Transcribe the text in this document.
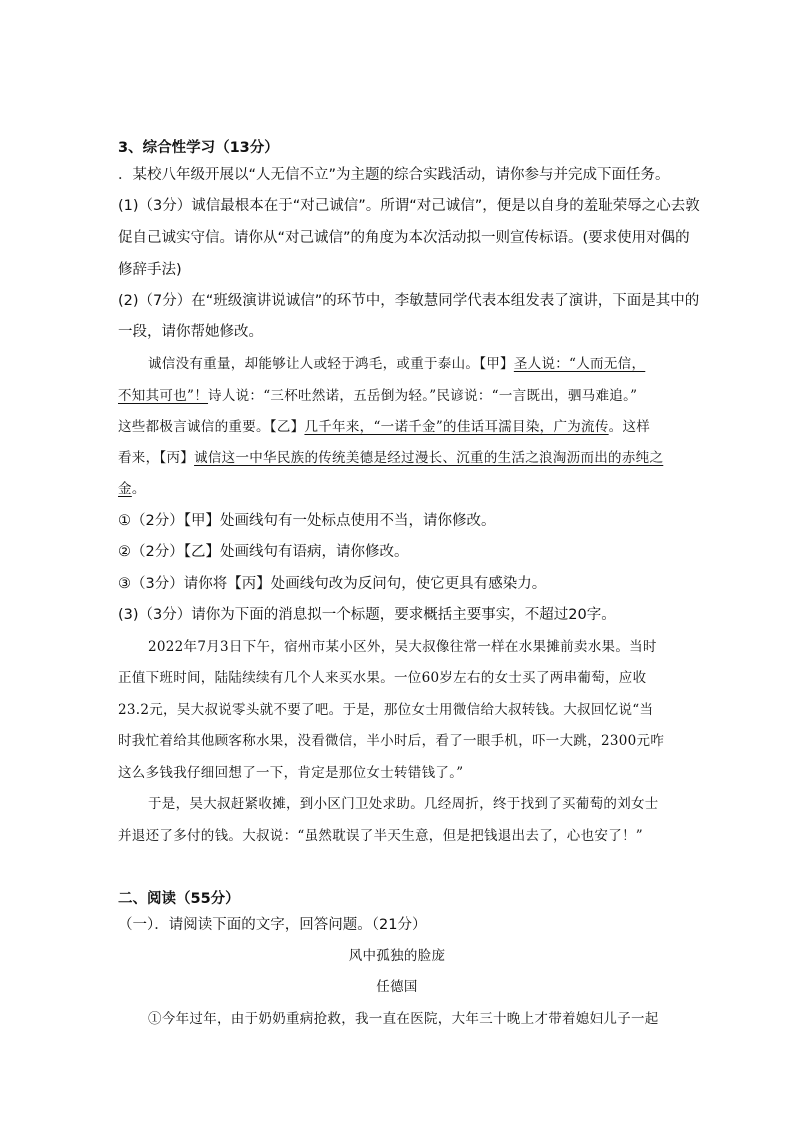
3、综合性学习（13分）
．某校八年级开展以“人无信不立”为主题的综合实践活动，请你参与并完成下面任务。
(1)（3分）诚信最根本在于“对己诚信”。所谓“对己诚信”，便是以自身的羞耻荣辱之心去敦
促自己诚实守信。请你从“对己诚信”的角度为本次活动拟一则宣传标语。(要求使用对偶的
修辞手法)
(2)（7分）在“班级演讲说诚信”的环节中，李敏慧同学代表本组发表了演讲，下面是其中的
一段，请你帮她修改。
诚信没有重量，却能够让人或轻于鸿毛，或重于泰山。【甲】圣人说：“人而无信，
不知其可也”！诗人说：“三杯吐然诺，五岳倒为轻。”民谚说：“一言既出，驷马难追。”
这些都极言诚信的重要。【乙】几千年来，“一诺千金”的佳话耳濡目染，广为流传。这样
看来，【丙】诚信这一中华民族的传统美德是经过漫长、沉重的生活之浪淘沥而出的赤纯之
金。
①（2分）【甲】处画线句有一处标点使用不当，请你修改。
②（2分）【乙】处画线句有语病，请你修改。
③（3分）请你将【丙】处画线句改为反问句，使它更具有感染力。
(3)（3分）请你为下面的消息拟一个标题，要求概括主要事实，不超过20字。
2022年7月3日下午，宿州市某小区外，吴大叔像往常一样在水果摊前卖水果。当时
正值下班时间，陆陆续续有几个人来买水果。一位60岁左右的女士买了两串葡萄，应收
23.2元，吴大叔说零头就不要了吧。于是，那位女士用微信给大叔转钱。大叔回忆说“当
时我忙着给其他顾客称水果，没看微信，半小时后，看了一眼手机，吓一大跳，2300元咋
这么多钱我仔细回想了一下，肯定是那位女士转错钱了。”
于是，吴大叔赶紧收摊，到小区门卫处求助。几经周折，终于找到了买葡萄的刘女士
并退还了多付的钱。大叔说：“虽然耽误了半天生意，但是把钱退出去了，心也安了！”
二、阅读（55分）
（一）．请阅读下面的文字，回答问题。（21分）
风中孤独的脸庞
任德国
①今年过年，由于奶奶重病抢救，我一直在医院，大年三十晚上才带着媳妇儿子一起
